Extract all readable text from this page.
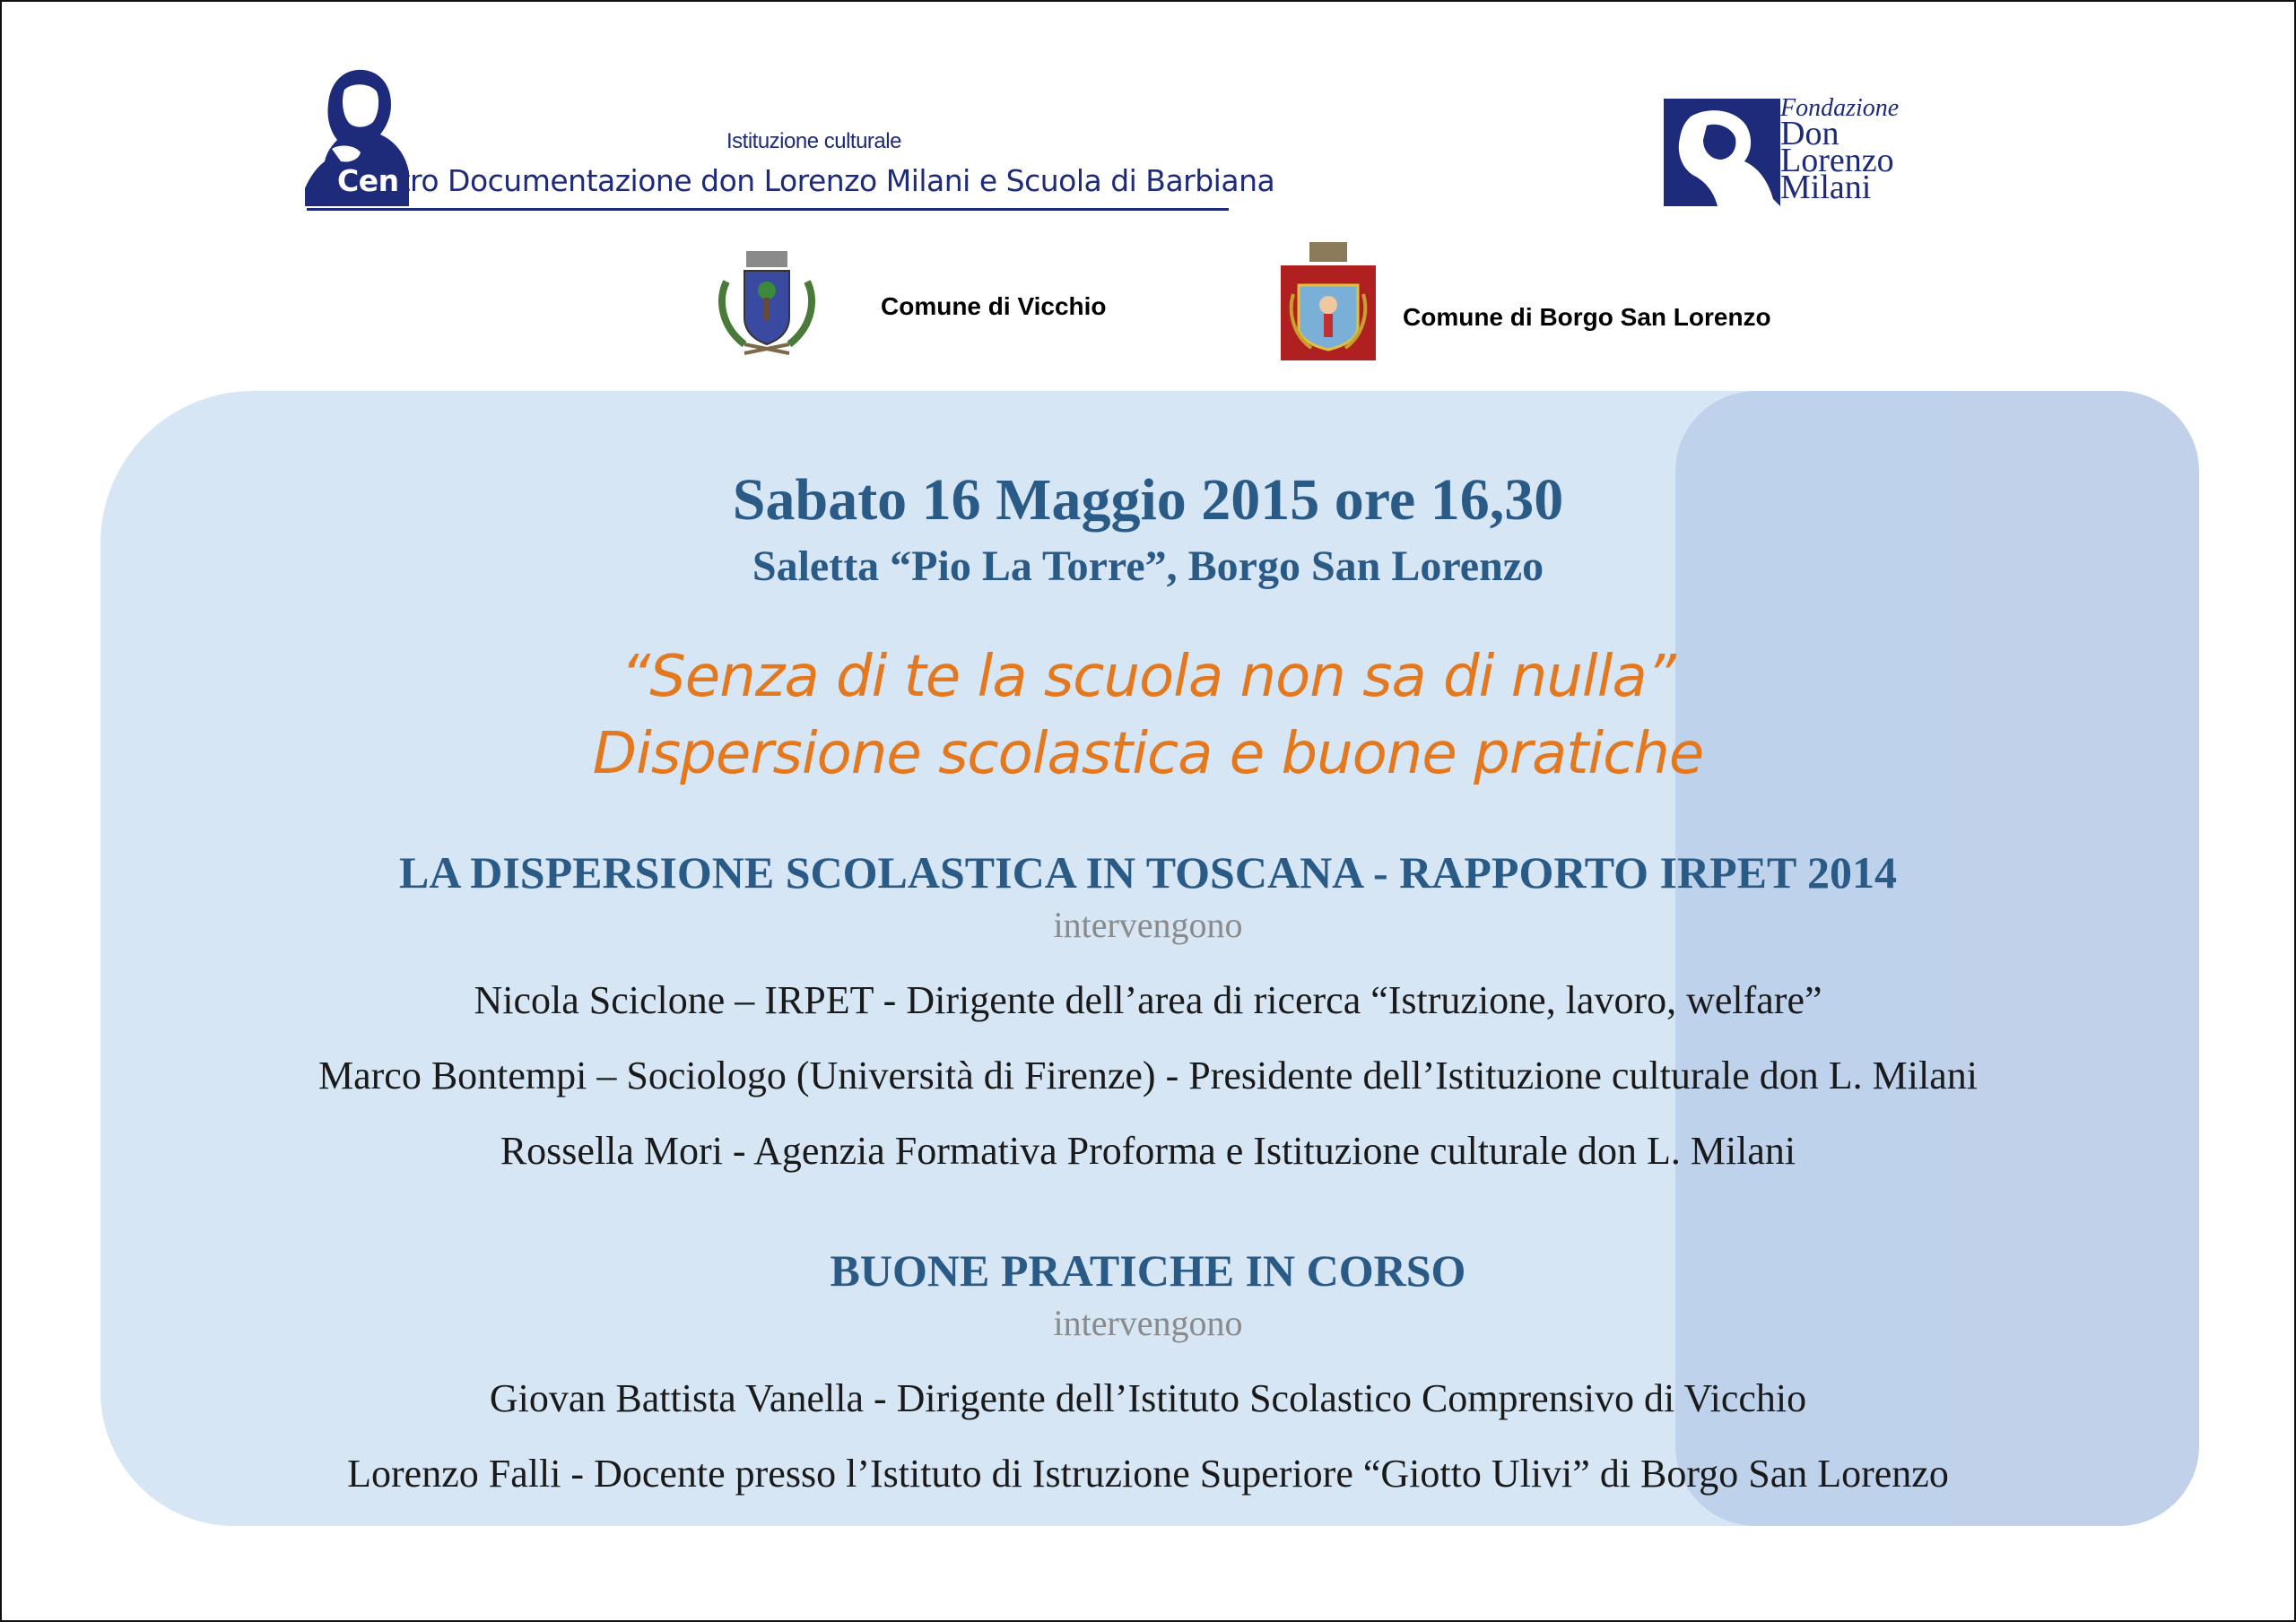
Istituzione culturale
Centro Documentazione don Lorenzo Milani e Scuola di Barbiana
Fondazione
Don
Lorenzo
Milani
Comune di Vicchio	Comune di Borgo San Lorenzo
Sabato 16 Maggio 2015 ore 16,30
Saletta “Pio La Torre”, Borgo San Lorenzo
“Senza di te la scuola non sa di nulla”
Dispersione scolastica e buone pratiche
LA DISPERSIONE SCOLASTICA IN TOSCANA - RAPPORTO IRPET 2014
intervengono
Nicola Sciclone – IRPET - Dirigente dell’area di ricerca “Istruzione, lavoro, welfare”
Marco Bontempi – Sociologo (Università di Firenze) - Presidente dell’Istituzione culturale don L. Milani
Rossella Mori - Agenzia Formativa Proforma e Istituzione culturale don L. Milani
BUONE PRATICHE IN CORSO
intervengono
Giovan Battista Vanella - Dirigente dell’Istituto Scolastico Comprensivo di Vicchio
Lorenzo Falli - Docente presso l’Istituto di Istruzione Superiore “Giotto Ulivi” di Borgo San Lorenzo
